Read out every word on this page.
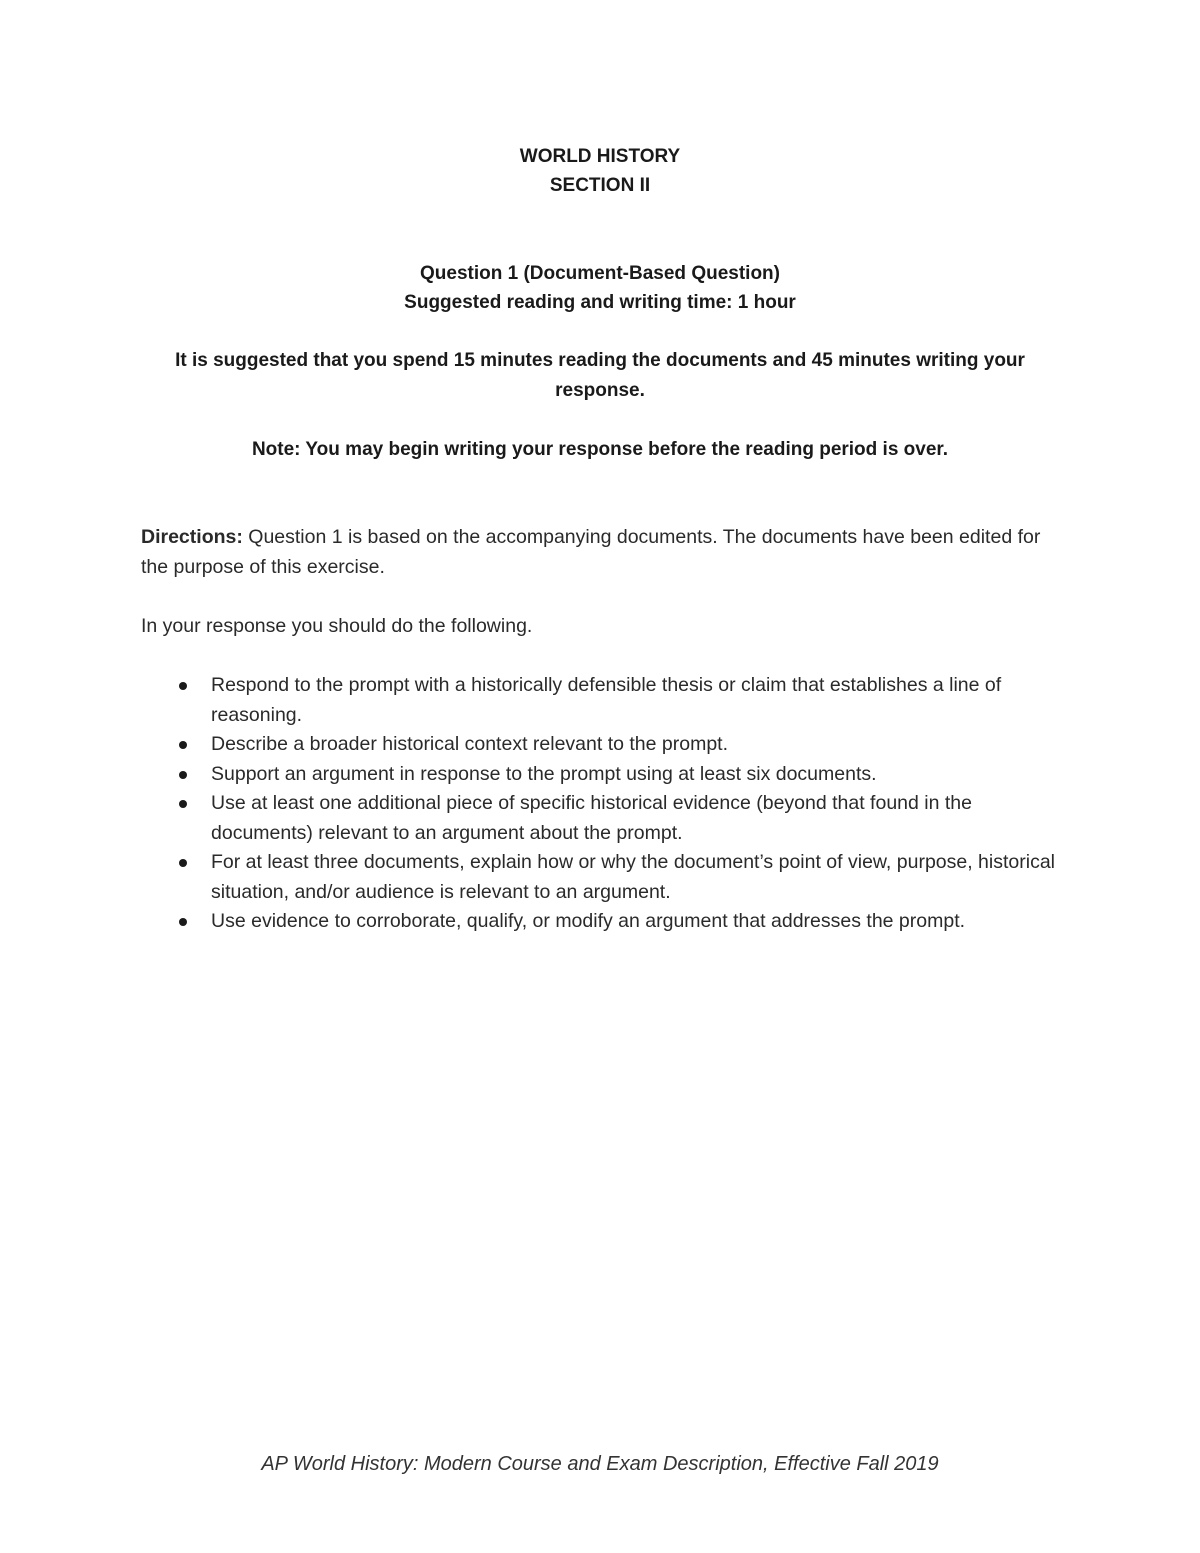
WORLD HISTORY
SECTION II
Question 1 (Document-Based Question)
Suggested reading and writing time: 1 hour
It is suggested that you spend 15 minutes reading the documents and 45 minutes writing your response.
Note: You may begin writing your response before the reading period is over.
Directions: Question 1 is based on the accompanying documents. The documents have been edited for the purpose of this exercise.
In your response you should do the following.
Respond to the prompt with a historically defensible thesis or claim that establishes a line of reasoning.
Describe a broader historical context relevant to the prompt.
Support an argument in response to the prompt using at least six documents.
Use at least one additional piece of specific historical evidence (beyond that found in the documents) relevant to an argument about the prompt.
For at least three documents, explain how or why the document’s point of view, purpose, historical situation, and/or audience is relevant to an argument.
Use evidence to corroborate, qualify, or modify an argument that addresses the prompt.
AP World History: Modern Course and Exam Description, Effective Fall 2019
